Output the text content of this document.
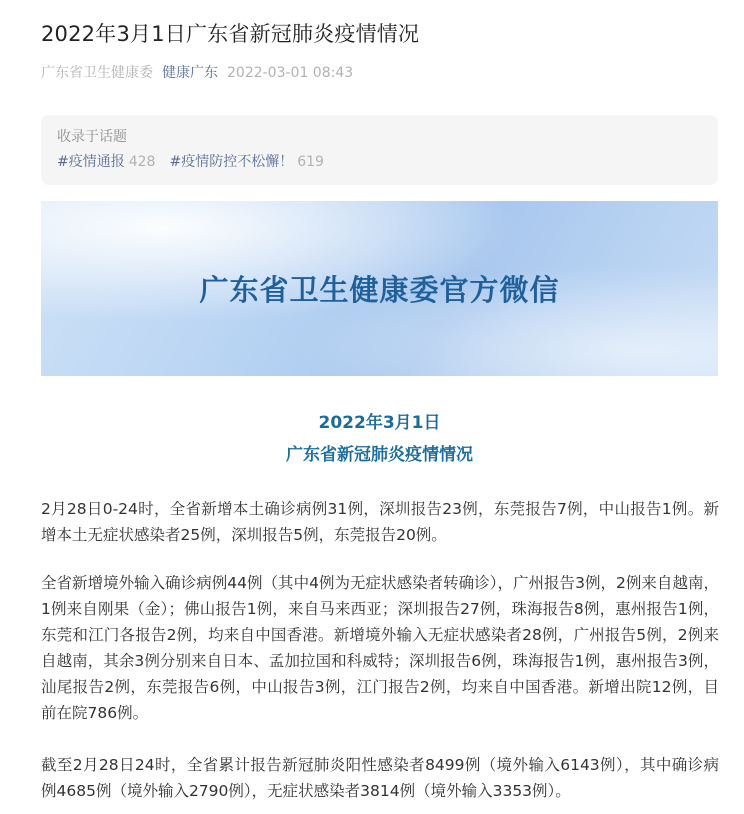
2022年3月1日广东省新冠肺炎疫情情况
广东省卫生健康委 健康广东 2022-03-01 08:43
收录于话题
#疫情通报 428 #疫情防控不松懈！ 619
广东省卫生健康委官方微信
2022年3月1日
广东省新冠肺炎疫情情况

2月28日0-24时，全省新增本土确诊病例31例，深圳报告23例，东莞报告7例，中山报告1例。新增本土无症状感染者25例，深圳报告5例，东莞报告20例。

全省新增境外输入确诊病例44例（其中4例为无症状感染者转确诊），广州报告3例，2例来自越南，1例来自刚果（金）；佛山报告1例，来自马来西亚；深圳报告27例，珠海报告8例，惠州报告1例，东莞和江门各报告2例，均来自中国香港。新增境外输入无症状感染者28例，广州报告5例，2例来自越南，其余3例分别来自日本、孟加拉国和科威特；深圳报告6例，珠海报告1例，惠州报告3例，汕尾报告2例，东莞报告6例，中山报告3例，江门报告2例，均来自中国香港。新增出院12例，目前在院786例。

截至2月28日24时，全省累计报告新冠肺炎阳性感染者8499例（境外输入6143例），其中确诊病例4685例（境外输入2790例），无症状感染者3814例（境外输入3353例）。
